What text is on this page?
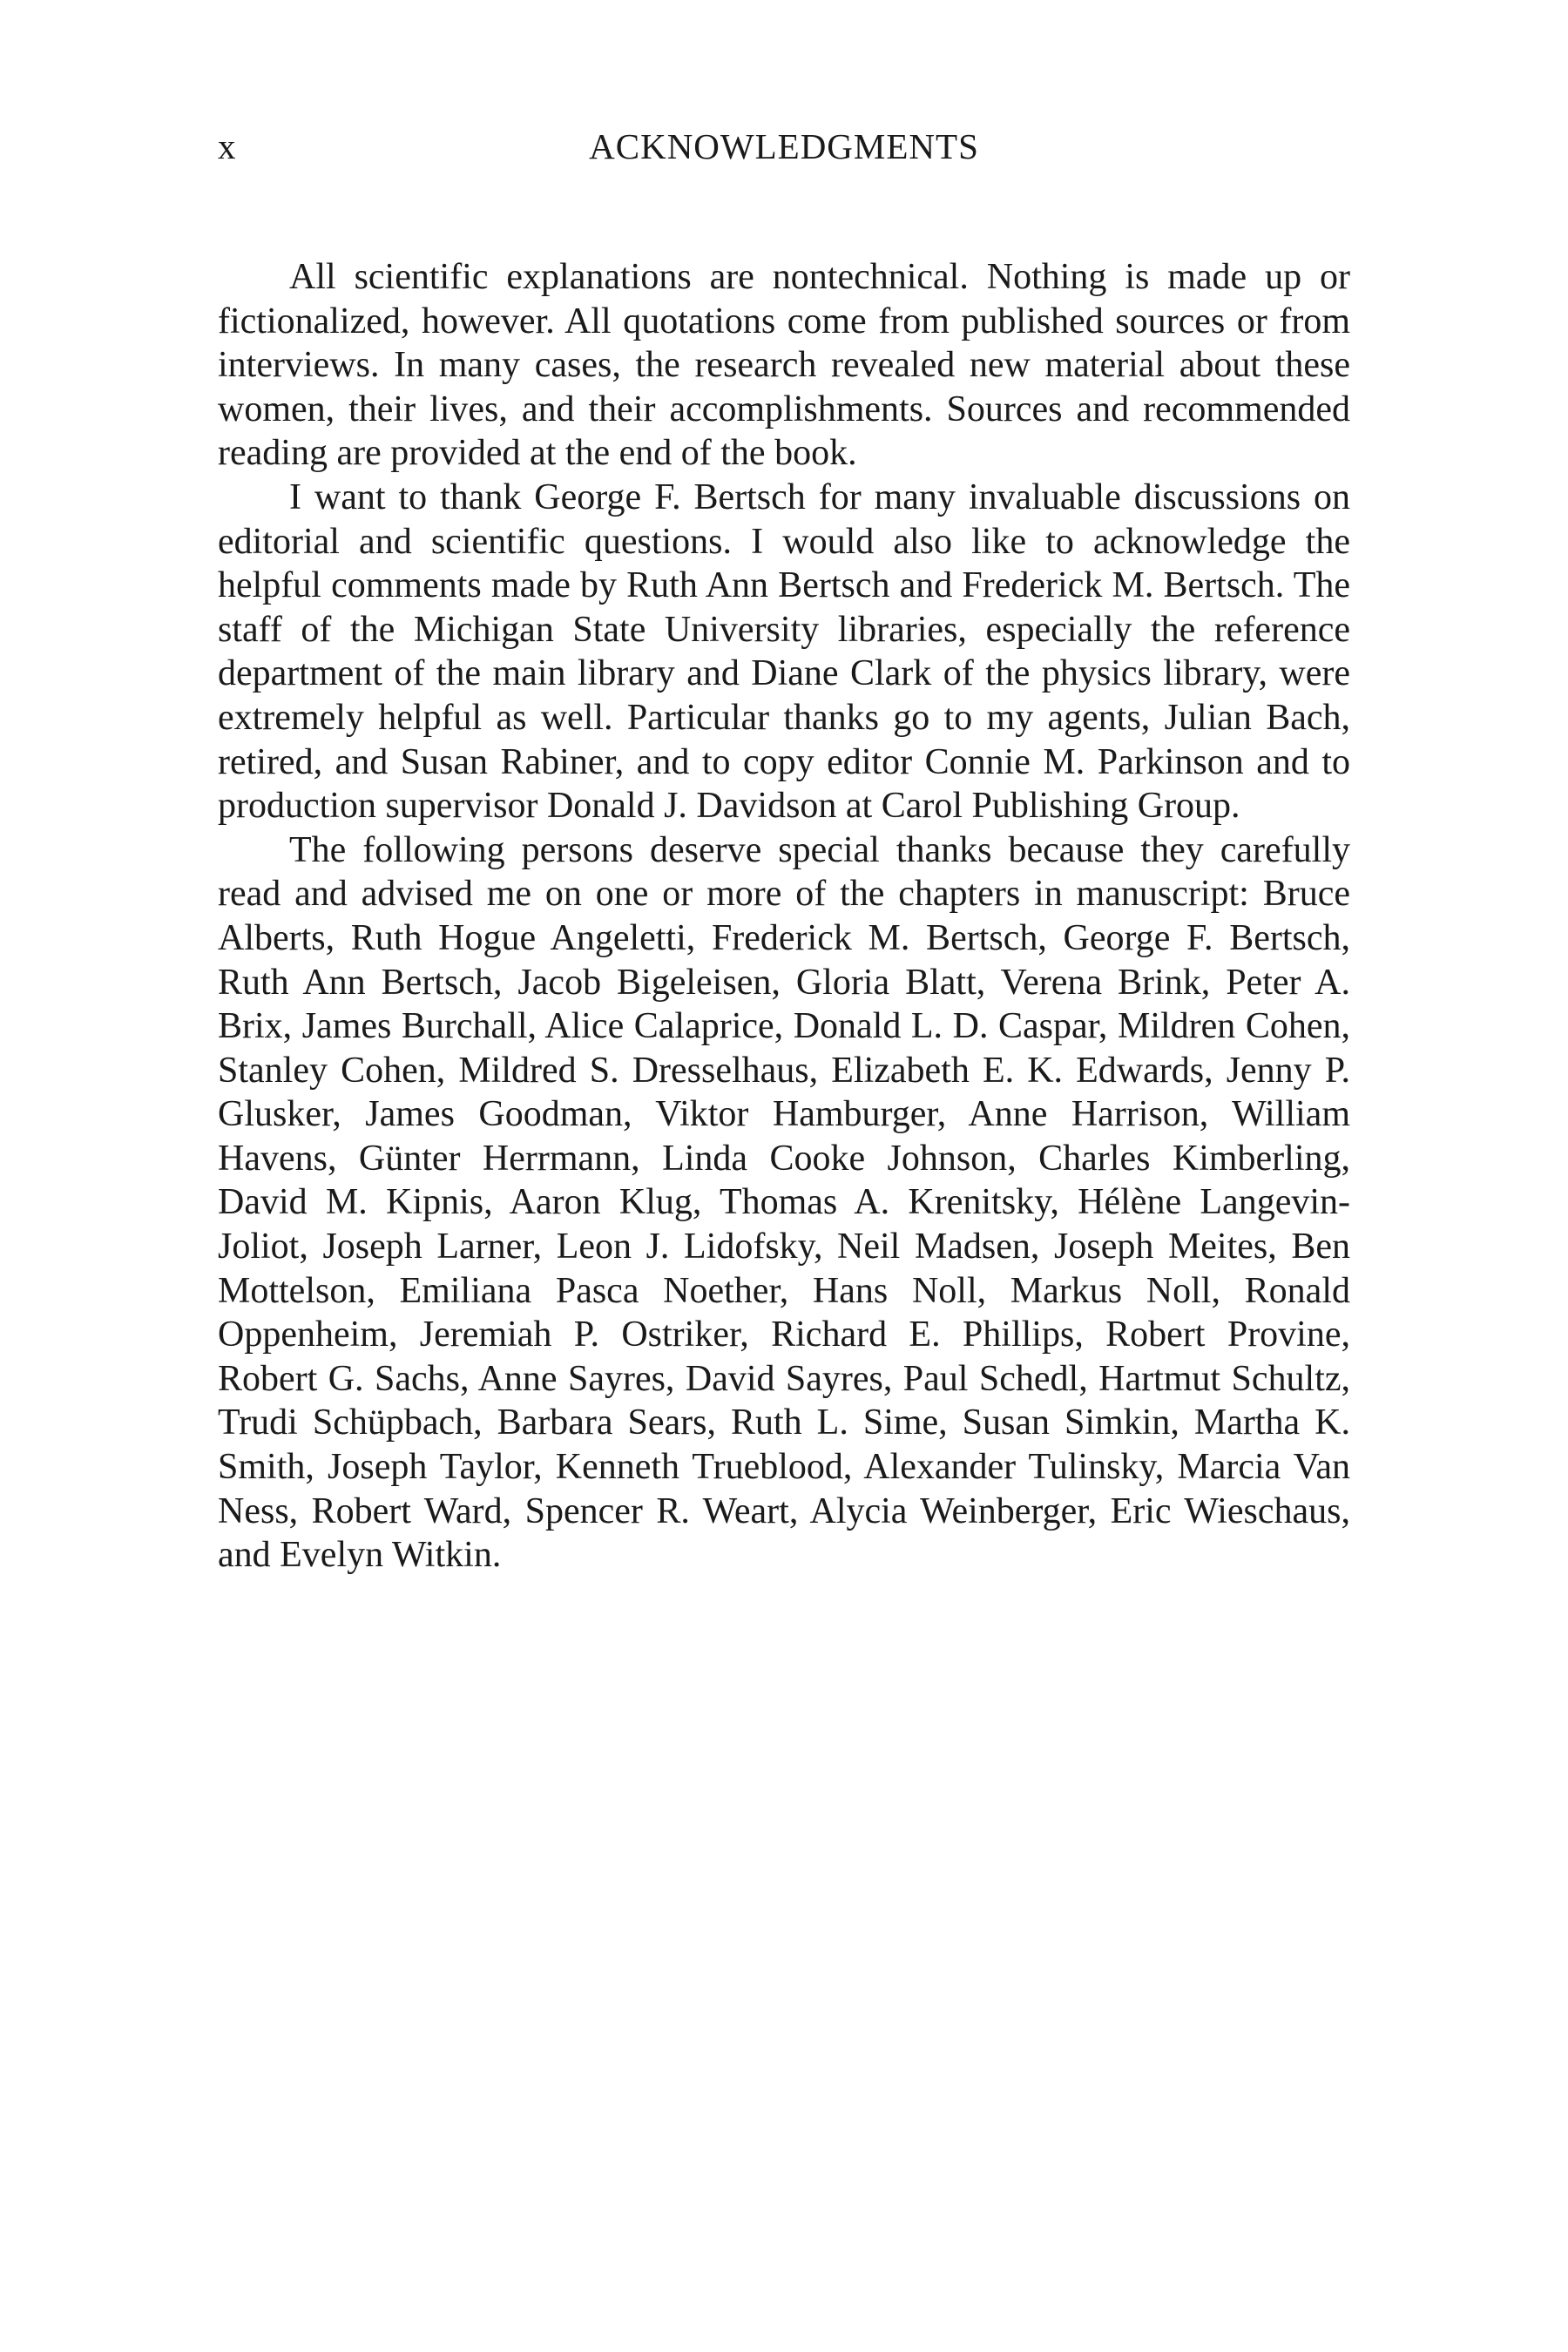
x	ACKNOWLEDGMENTS

All scientific explanations are nontechnical. Nothing is made up or fictionalized, however. All quotations come from published sources or from interviews. In many cases, the research revealed new material about these women, their lives, and their accomplishments. Sources and recommended reading are provided at the end of the book.

I want to thank George F. Bertsch for many invaluable discussions on editorial and scientific questions. I would also like to acknowledge the helpful comments made by Ruth Ann Bertsch and Frederick M. Bertsch. The staff of the Michigan State University libraries, especially the reference department of the main library and Diane Clark of the physics library, were extremely helpful as well. Particular thanks go to my agents, Julian Bach, retired, and Susan Rabiner, and to copy editor Connie M. Parkinson and to production supervisor Donald J. Davidson at Carol Publishing Group.

The following persons deserve special thanks because they carefully read and advised me on one or more of the chapters in manuscript: Bruce Alberts, Ruth Hogue Angeletti, Frederick M. Bertsch, George F. Bertsch, Ruth Ann Bertsch, Jacob Bigeleisen, Gloria Blatt, Verena Brink, Peter A. Brix, James Burchall, Alice Calaprice, Donald L. D. Caspar, Mildren Cohen, Stanley Cohen, Mildred S. Dresselhaus, Elizabeth E. K. Edwards, Jenny P. Glusker, James Goodman, Viktor Hamburger, Anne Harrison, William Havens, Günter Herrmann, Linda Cooke Johnson, Charles Kimberling, David M. Kipnis, Aaron Klug, Thomas A. Krenitsky, Hélène Langevin-Joliot, Joseph Larner, Leon J. Lidofsky, Neil Madsen, Joseph Meites, Ben Mottelson, Emiliana Pasca Noether, Hans Noll, Markus Noll, Ronald Oppenheim, Jeremiah P. Ostriker, Richard E. Phillips, Robert Provine, Robert G. Sachs, Anne Sayres, David Sayres, Paul Schedl, Hartmut Schultz, Trudi Schüpbach, Barbara Sears, Ruth L. Sime, Susan Simkin, Martha K. Smith, Joseph Taylor, Kenneth Trueblood, Alexander Tulinsky, Marcia Van Ness, Robert Ward, Spencer R. Weart, Alycia Weinberger, Eric Wieschaus, and Evelyn Witkin.
